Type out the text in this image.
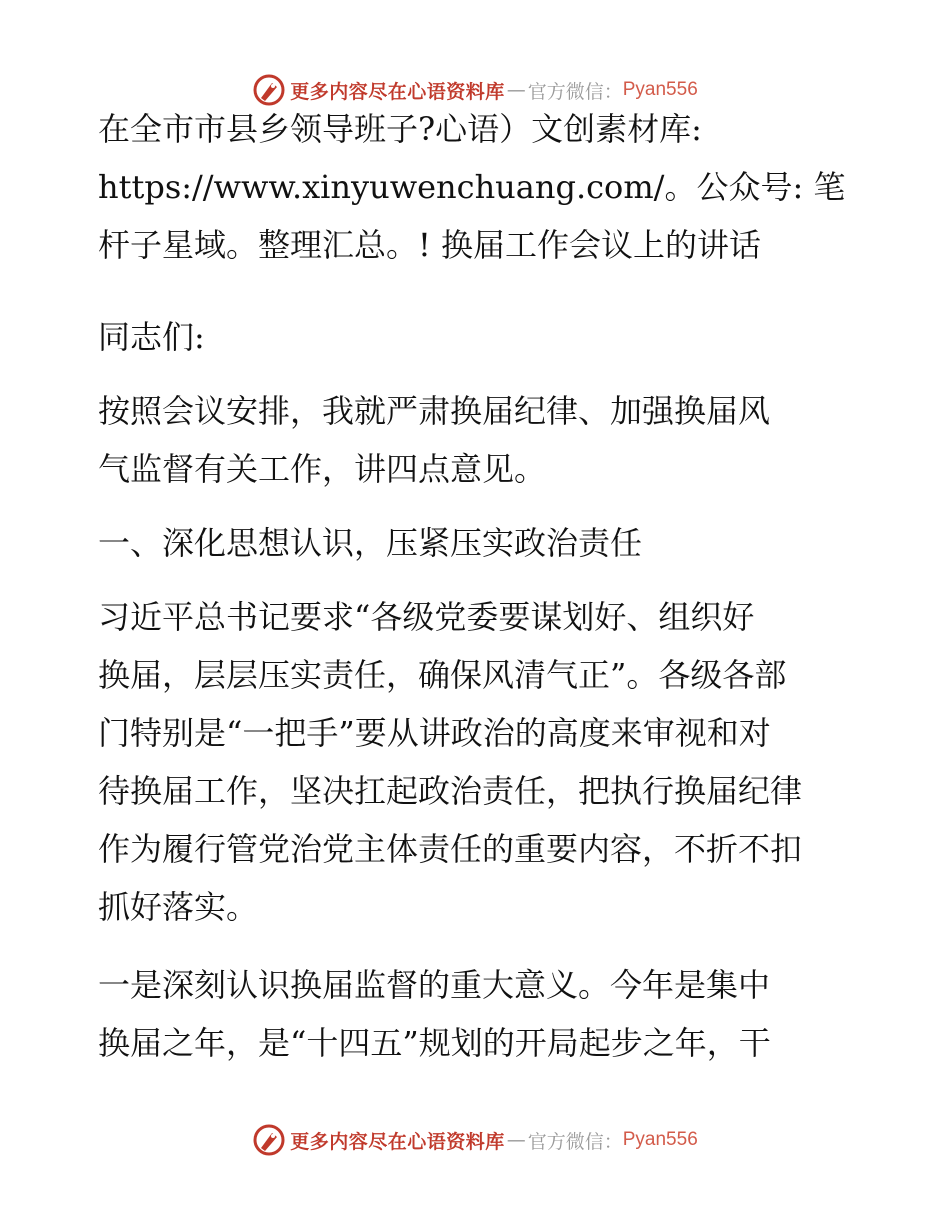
更多内容尽在心语资料库 — 官方微信： Pyan556
在全市市县乡领导班子?心语）文创素材库:
https://www.xinyuwenchuang.com/。公众号: 笔
杆子星域。整理汇总。! 换届工作会议上的讲话
同志们:
按照会议安排，我就严肃换届纪律、加强换届风
气监督有关工作，讲四点意见。
一、深化思想认识，压紧压实政治责任
习近平总书记要求“各级党委要谋划好、组织好
换届，层层压实责任，确保风清气正”。各级各部
门特别是“一把手”要从讲政治的高度来审视和对
待换届工作，坚决扛起政治责任，把执行换届纪律
作为履行管党治党主体责任的重要内容，不折不扣
抓好落实。
一是深刻认识换届监督的重大意义。今年是集中
换届之年，是“十四五”规划的开局起步之年，干
更多内容尽在心语资料库 — 官方微信： Pyan556
